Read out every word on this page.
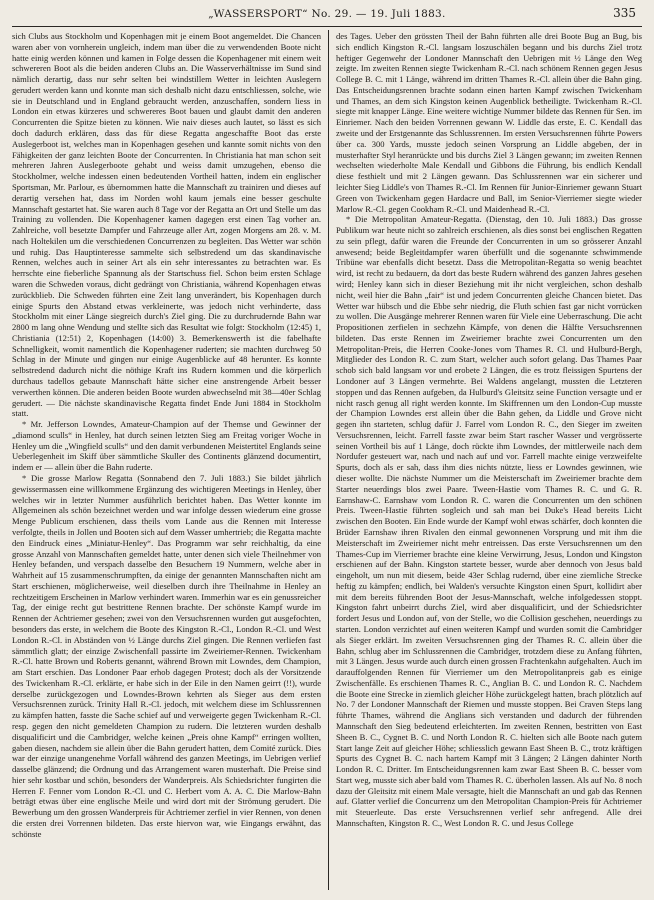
„WASSERSPORT“ No. 29. — 19. Juli 1883.	335

sich Clubs aus Stockholm und Kopenhagen mit je einem Boot angemeldet. Die Chancen waren aber von vornherein ungleich, indem man über die zu verwendenden Boote nicht hatte einig werden können und kamen in Folge dessen die Kopenhagener mit einem weit schwereren Boot als die beiden anderen Clubs an. Die Wasserverhältnisse im Sund sind nämlich derartig, dass nur sehr selten bei windstillem Wetter in leichten Auslegern gerudert werden kann und konnte man sich deshalb nicht dazu entschliessen, solche, wie sie in Deutschland und in England gebraucht werden, anzuschaffen, sondern liess in London ein etwas kürzeres und schwereres Boot bauen und glaubt damit den anderen Concurrenten die Spitze bieten zu können. Wie naiv dieses auch lautet, so lässt es sich doch dadurch erklären, dass das für diese Regatta angeschaffte Boot das erste Auslegerboot ist, welches man in Kopenhagen gesehen und kannte somit nichts von den Fähigkeiten der ganz leichten Boote der Concurrenten. In Christiania hat man schon seit mehreren Jahren Auslegerboote gehabt und weiss damit umzugehen, ebenso die Stockholmer, welche indessen einen bedeutenden Vortheil hatten, indem ein englischer Sportsman, Mr. Parlour, es übernommen hatte die Mannschaft zu trainiren und dieses auf derartig versehen hat, dass im Norden wohl kaum jemals eine besser geschulte Mannschaft gestartet hat. Sie waren auch 8 Tage vor der Regatta an Ort und Stelle um das Training zu vollenden. Die Kopenhagener kamen dagegen erst einen Tag vorher an. Zahlreiche, voll besetzte Dampfer und Fahrzeuge aller Art, zogen Morgens am 28. v. M. nach Holtekilen um die verschiedenen Concurrenzen zu begleiten. Das Wetter war schön und ruhig. Das Hauptinteresse sammelte sich selbstredend um das skandinavische Rennen, welches auch in seiner Art als ein sehr interessantes zu betrachten war. Es herrschte eine fieberliche Spannung als der Startschuss fiel. Schon beim ersten Schlage waren die Schweden voraus, dicht gedrängt von Christiania, während Kopenhagen etwas zurückblieb. Die Schweden führten eine Zeit lang unverändert, bis Kopenhagen durch einige Spurts den Abstand etwas verkleinerte, was jedoch nicht verhinderte, dass Stockholm mit einer Länge siegreich durch's Ziel ging. Die zu durchrudernde Bahn war 2800 m lang ohne Wendung und stellte sich das Resultat wie folgt: Stockholm (12:45) 1, Christiania (12:51) 2, Kopenhagen (14:00) 3. Bemerkenswerth ist die fabelhafte Schnelligkeit, womit namentlich die Kopenhagener ruderten; sie machten durchweg 50 Schlag in der Minute und gingen nur einige Augenblicke auf 48 herunter. Es konnte selbstredend dadurch nicht die nöthige Kraft ins Rudern kommen und die körperlich durchaus tadellos gebaute Mannschaft hätte sicher eine anstrengende Arbeit besser verwerthen können. Die anderen beiden Boote wurden abwechselnd mit 38—40er Schlag gerudert. — Die nächste skandinavische Regatta findet Ende Juni 1884 in Stockholm statt.

* Mr. Jefferson Lowndes, Amateur-Champion auf der Themse und Gewinner der „diamond sculls“ in Henley, hat durch seinen letzten Sieg am Freitag voriger Woche in Henley um die „Wingfield sculls“ und den damit verbundenen Meistertitel Englands seine Ueberlegenheit im Skiff über sämmtliche Skuller des Continents glänzend documentirt, indem er — allein über die Bahn ruderte.

* Die grosse Marlow Regatta (Sonnabend den 7. Juli 1883.) Sie bildet jährlich gewissermassen eine willkommene Ergänzung des wichtigeren Meetings in Henley, über welches wir in letzter Nummer ausführlich berichtet haben. Das Wetter konnte im Allgemeinen als schön bezeichnet werden und war infolge dessen wiederum eine grosse Menge Publicum erschienen, dass theils vom Lande aus die Rennen mit Interesse verfolgte, theils in Jollen und Booten sich auf dem Wasser umhertrieb; die Regatta machte den Eindruck eines „Miniatur-Henley“. Das Programm war sehr reichhaltig, da eine grosse Anzahl von Mannschaften gemeldet hatte, unter denen sich viele Theilnehmer von Henley befanden, und verspach dasselbe den Besuchern 19 Nummern, welche aber in Wahrheit auf 15 zusammenschrumpften, da einige der genannten Mannschaften nicht am Start erschienen, möglicherweise, weil dieselben durch ihre Theilnahme in Henley an rechtzeitigem Erscheinen in Marlow verhindert waren. Immerhin war es ein genussreicher Tag, der einige recht gut bestrittene Rennen brachte. Der schönste Kampf wurde im Rennen der Achtriemer gesehen; zwei von den Versuchsrennen wurden gut ausgefochten, besonders das erste, in welchem die Boote des Kingston R.-Cl., London R.-Cl. und West London R.-Cl. in Abständen von ½ Länge durchs Ziel gingen. Die Rennen verliefen fast sämmtlich glatt; der einzige Zwischenfall passirte im Zweiriemer-Rennen. Twickenham R.-Cl. hatte Brown und Roberts genannt, während Brown mit Lowndes, dem Champion, am Start erschien. Das Londoner Paar erhob dagegen Protest; doch als der Vorsitzende des Twickenham R.-Cl. erklärte, er habe sich in der Eile in den Namen geirrt (!!), wurde derselbe zurückgezogen und Lowndes-Brown kehrten als Sieger aus dem ersten Versuchsrennen zurück. Trinity Hall R.-Cl. jedoch, mit welchem diese im Schlussrennen zu kämpfen hatten, fasste die Sache schief auf und verweigerte gegen Twickenham R.-Cl. resp. gegen den nicht gemeldeten Champion zu rudern. Die letzteren wurden deshalb disqualificirt und die Cambridger, welche keinen „Preis ohne Kampf“ erringen wollten, gaben diesen, nachdem sie allein über die Bahn gerudert hatten, dem Comité zurück. Dies war der einzige unangenehme Vorfall während des ganzen Meetings, im Uebrigen verlief dasselbe glänzend; die Ordnung und das Arrangement waren musterhaft. Die Preise sind hier sehr kostbar und schön, besonders der Wanderpreis. Als Schiedsrichter fungirten die Herren F. Fenner vom London R.-Cl. und C. Herbert vom A. A. C. Die Marlow-Bahn beträgt etwas über eine englische Meile und wird dort mit der Strömung gerudert. Die Bewerbung um den grossen Wanderpreis für Achtriemer zerfiel in vier Rennen, von denen die ersten drei Vorrennen bildeten. Das erste hiervon war, wie Eingangs erwähnt, das schönste

des Tages. Ueber den grössten Theil der Bahn führten alle drei Boote Bug an Bug, bis sich endlich Kingston R.-Cl. langsam loszuschälen begann und bis durchs Ziel trotz heftiger Gegenwehr der Londoner Mannschaft den Uebrigen mit ½ Länge den Weg zeigte. Im zweiten Rennen siegte Twickenham R.-Cl. nach schönem Rennen gegen Jesus College B. C. mit 1 Länge, während im dritten Thames R.-Cl. allein über die Bahn ging. Das Entscheidungsrennen brachte sodann einen harten Kampf zwischen Twickenham und Thames, an dem sich Kingston keinen Augenblick betheiligte. Twickenham R.-Cl. siegte mit knapper Länge. Eine weitere wichtige Nummer bildete das Rennen für Sen. im Einriemer. Nach den beiden Vorrennen gewann W. Liddle das erste, E. C. Kendall das zweite und der Erstgenannte das Schlussrennen. Im ersten Versuchsrennen führte Powers über ca. 300 Yards, musste jedoch seinen Vorsprung an Liddle abgeben, der in musterhafter Styl heranrückte und bis durchs Ziel 3 Längen gewann; im zweiten Rennen wechselten wiederholte Male Kendall und Gibbons die Führung, bis endlich Kendall diese festhielt und mit 2 Längen gewann. Das Schlussrennen war ein sicherer und leichter Sieg Liddle's von Thames R.-Cl. Im Rennen für Junior-Einriemer gewann Stuart Green von Twickenham gegen Hardacre und Ball, im Senior-Vierriemer siegte wieder Marlow R.-Cl. gegen Cookham R.-Cl. und Maidenhead R.-Cl.

* Die Metropolitan Amateur-Regatta. (Dienstag, den 10. Juli 1883.) Das grosse Publikum war heute nicht so zahlreich erschienen, als dies sonst bei englischen Regatten zu sein pflegt, dafür waren die Freunde der Concurrenten in um so grösserer Anzahl anwesend; beide Begleitdampfer waren überfüllt und die sogenannte schwimmende Tribüne war ebenfalls dicht besetzt. Dass die Metropolitan-Regatta so wenig beachtet wird, ist recht zu bedauern, da dort das beste Rudern während des ganzen Jahres gesehen wird; Henley kann sich in dieser Beziehung mit ihr nicht vergleichen, schon deshalb nicht, weil hier die Bahn „fair“ ist und jedem Concurrenten gleiche Chancen bietet. Das Wetter war hübsch und die Ebbe sehr niedrig, die Fluth schien fast gar nicht vorrücken zu wollen. Die Ausgänge mehrerer Rennen waren für Viele eine Ueberraschung. Die acht Propositionen zerfielen in sechzehn Kämpfe, von denen die Hälfte Versuchsrennen bildeten. Das erste Rennen im Zweiriemer brachte zwei Concurrenten um den Metropolitan-Preis, die Herren Cooke-Jones vom Thames R. Cl. und Hulburd-Bergh, Mitglieder des London R. C. zum Start, welcher auch sofort gelang. Das Thames Paar schob sich bald langsam vor und erobete 2 Längen, die es trotz fleissigen Spurtens der Londoner auf 3 Längen vermehrte. Bei Waldens angelangt, mussten die Letzteren stoppen und das Rennen aufgeben, da Hulburd's Gleitsitz seine Function versagte und er nicht rasch genug all right werden konnte. Im Skiffrennen um den London-Cup musste der Champion Lowndes erst allein über die Bahn gehen, da Liddle und Grove nicht gegen ihn starteten, schlug dafür J. Farrel vom London R. C., den Sieger im zweiten Versuchsrennen, leicht. Farrell fasste zwar beim Start rascher Wasser und vergrösserte seinen Vortheil bis auf 1 Länge, doch rückte ihm Lowndes, der mittlerweile nach dem Nordufer gesteuert war, nach und nach auf und vor. Farrell machte einige verzweifelte Spurts, doch als er sah, dass ihm dies nichts nützte, liess er Lowndes gewinnen, wie dieser wollte. Die nächste Nummer um die Meisterschaft im Zweiriemer brachte dem Starter neuerdings blos zwei Paare. Tween-Hastie vom Thames R. C. und G. R. Earnshaw-C. Earnshaw vom London R. C. waren die Concurrenten um den schönen Preis. Tween-Hastie führten sogleich und sah man bei Duke's Head bereits Licht zwischen den Booten. Ein Ende wurde der Kampf wohl etwas schärfer, doch konnten die Brüder Earnshaw ihren Rivalen den einmal gewonnenen Vorsprung und mit ihm die Meisterschaft im Zweiriemer nicht mehr entreissen. Das erste Versuchsrennen um den Thames-Cup im Vierriemer brachte eine kleine Verwirrung, Jesus, London und Kingston erschienen auf der Bahn. Kingston startete besser, wurde aber dennoch von Jesus bald eingeholt, um nun mit diesem, beide 43er Schlag rudernd, über eine ziemliche Strecke heftig zu kämpfen; endlich, bei Walden's versuchte Kingston einen Spurt, kollidirt aber mit dem bereits führenden Boot der Jesus-Mannschaft, welche infolgedessen stoppt. Kingston fahrt unbeirrt durchs Ziel, wird aber disqualificirt, und der Schiedsrichter fordert Jesus und London auf, von der Stelle, wo die Collision geschehen, neuerdings zu starten. London verzichtet auf einen weiteren Kampf und wurden somit die Cambridger als Sieger erklärt. Im zweiten Versuchsrennen ging der Thames R. C. allein über die Bahn, schlug aber im Schlussrennen die Cambridger, trotzdem diese zu Anfang führten, mit 3 Längen. Jesus wurde auch durch einen grossen Frachtenkahn aufgehalten. Auch im darauffolgenden Rennen für Vierriemer um den Metropolitanpreis gab es einige Zwischenfälle. Es erschienen Thames R. C., Anglian B. C. und London R. C. Nachdem die Boote eine Strecke in ziemlich gleicher Höhe zurückgelegt hatten, brach plötzlich auf No. 7 der Londoner Mannschaft der Riemen und musste stoppen. Bei Craven Steps lang führte Thames, während die Anglians sich verstanden und dadurch der führenden Mannschaft den Sieg bedeutend erleichterten. Im zweiten Rennen, bestritten von East Sheen B. C., Cygnet B. C. und North London R. C. hielten sich alle Boote nach gutem Start lange Zeit auf gleicher Höhe; schliesslich gewann East Sheen B. C., trotz kräftigen Spurts des Cygnet B. C. nach hartem Kampf mit 3 Längen; 2 Längen dahinter North London R. C. Dritter. Im Entscheidungsrennen kam zwar East Sheen B. C. besser vom Start weg, musste sich aber bald vom Thames R. C. überholen lassen. Als auf No. 8 noch dazu der Gleitsitz mit einem Male versagte, hielt die Mannschaft an und gab das Rennen auf. Glatter verlief die Concurrenz um den Metropolitan Champion-Preis für Achtriemer mit Steuerleute. Das erste Versuchsrennen verlief sehr anfregend. Alle drei Mannschaften, Kingston R. C., West London R. C. und Jesus College
